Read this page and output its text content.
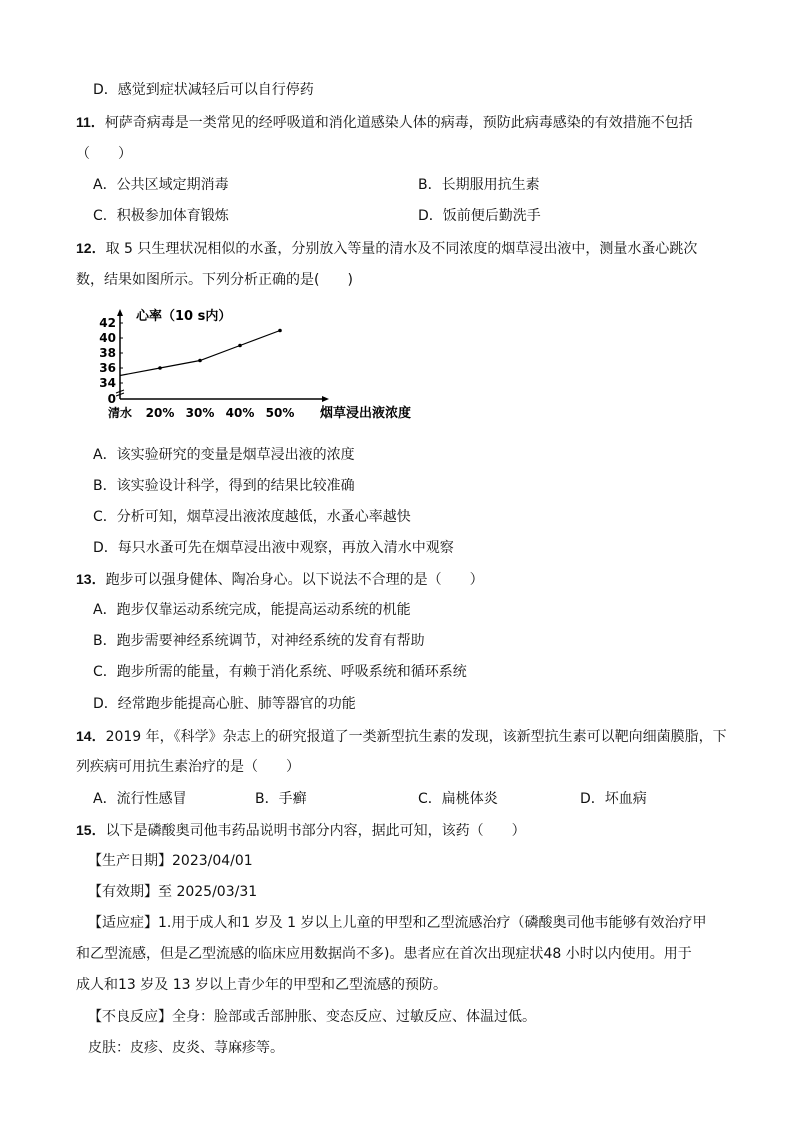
D．感觉到症状减轻后可以自行停药
11．柯萨奇病毒是一类常见的经呼吸道和消化道感染人体的病毒，预防此病毒感染的有效措施不包括
（　　）
A．公共区域定期消毒	B．长期服用抗生素
C．积极参加体育锻炼	D．饭前便后勤洗手
12．取 5 只生理状况相似的水蚤，分别放入等量的清水及不同浓度的烟草浸出液中，测量水蚤心跳次
数，结果如图所示。下列分析正确的是(　　)
0
34
36
38
40
42
清水 20% 30% 40% 50%
心率（10 s内）
烟草浸出液浓度
A．该实验研究的变量是烟草浸出液的浓度
B．该实验设计科学，得到的结果比较准确
C．分析可知，烟草浸出液浓度越低，水蚤心率越快
D．每只水蚤可先在烟草浸出液中观察，再放入清水中观察
13．跑步可以强身健体、陶冶身心。以下说法不合理的是（　　）
A．跑步仅靠运动系统完成，能提高运动系统的机能
B．跑步需要神经系统调节，对神经系统的发育有帮助
C．跑步所需的能量，有赖于消化系统、呼吸系统和循环系统
D．经常跑步能提高心脏、肺等器官的功能
14．2019 年，《科学》杂志上的研究报道了一类新型抗生素的发现，该新型抗生素可以靶向细菌膜脂，下
列疾病可用抗生素治疗的是（　　）
A．流行性感冒	B．手癣	C．扁桃体炎	D．坏血病
15．以下是磷酸奥司他韦药品说明书部分内容，据此可知，该药（　　）
【生产日期】2023/04/01
【有效期】至 2025/03/31
【适应症】1.用于成人和1 岁及 1 岁以上儿童的甲型和乙型流感治疗（磷酸奥司他韦能够有效治疗甲
和乙型流感，但是乙型流感的临床应用数据尚不多)。患者应在首次出现症状48 小时以内使用。用于
成人和13 岁及 13 岁以上青少年的甲型和乙型流感的预防。
【不良反应】全身：脸部或舌部肿胀、变态反应、过敏反应、体温过低。
皮肤：皮疹、皮炎、荨麻疹等。
